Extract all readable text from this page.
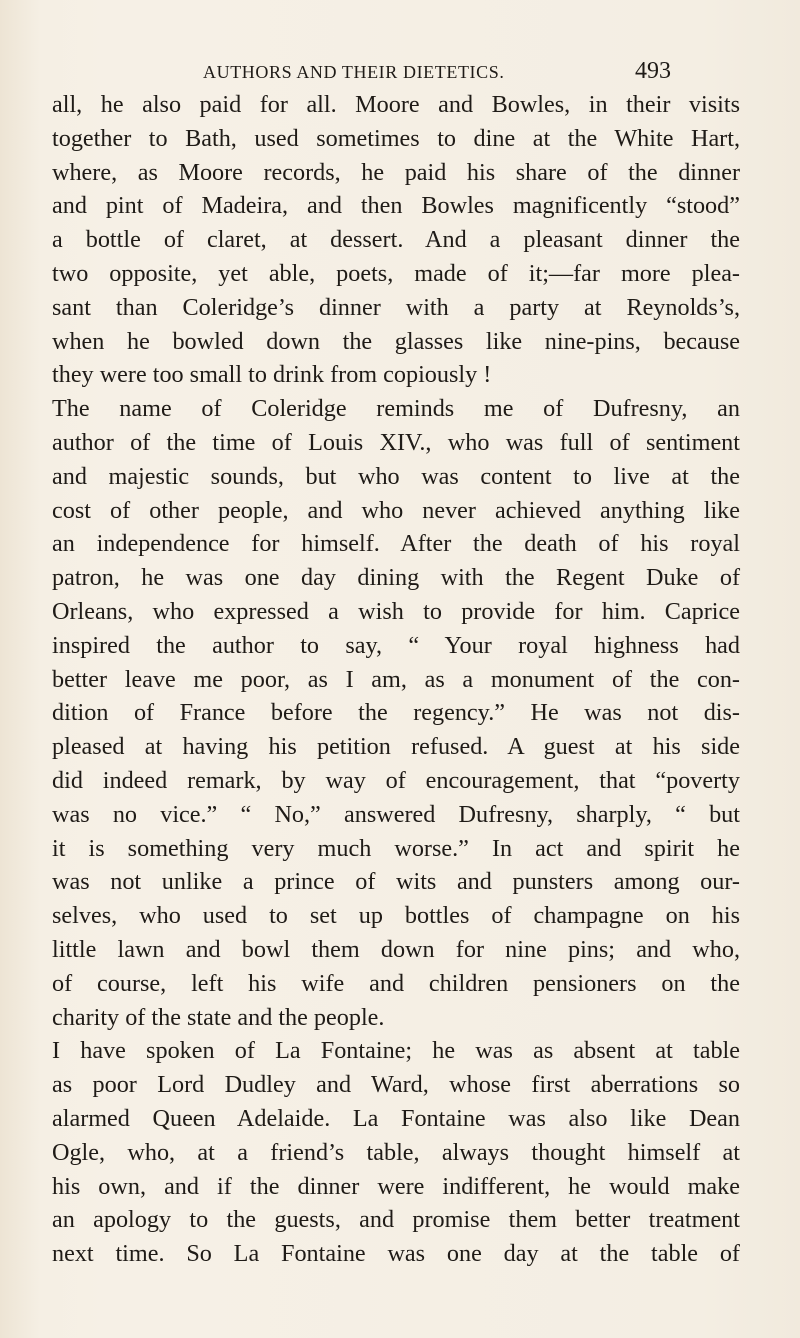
AUTHORS AND THEIR DIETETICS.	493
all, he also paid for all. Moore and Bowles, in their visits
together to Bath, used sometimes to dine at the White Hart,
where, as Moore records, he paid his share of the dinner
and pint of Madeira, and then Bowles magnificently “stood”
a bottle of claret, at dessert. And a pleasant dinner the
two opposite, yet able, poets, made of it;—far more plea-
sant than Coleridge’s dinner with a party at Reynolds’s,
when he bowled down the glasses like nine-pins, because
they were too small to drink from copiously !
The name of Coleridge reminds me of Dufresny, an
author of the time of Louis XIV., who was full of sentiment
and majestic sounds, but who was content to live at the
cost of other people, and who never achieved anything like
an independence for himself. After the death of his royal
patron, he was one day dining with the Regent Duke of
Orleans, who expressed a wish to provide for him. Caprice
inspired the author to say, “ Your royal highness had
better leave me poor, as I am, as a monument of the con-
dition of France before the regency.” He was not dis-
pleased at having his petition refused. A guest at his side
did indeed remark, by way of encouragement, that “poverty
was no vice.” “ No,” answered Dufresny, sharply, “ but
it is something very much worse.” In act and spirit he
was not unlike a prince of wits and punsters among our-
selves, who used to set up bottles of champagne on his
little lawn and bowl them down for nine pins; and who,
of course, left his wife and children pensioners on the
charity of the state and the people.
I have spoken of La Fontaine; he was as absent at table
as poor Lord Dudley and Ward, whose first aberrations so
alarmed Queen Adelaide. La Fontaine was also like Dean
Ogle, who, at a friend’s table, always thought himself at
his own, and if the dinner were indifferent, he would make
an apology to the guests, and promise them better treatment
next time. So La Fontaine was one day at the table of
